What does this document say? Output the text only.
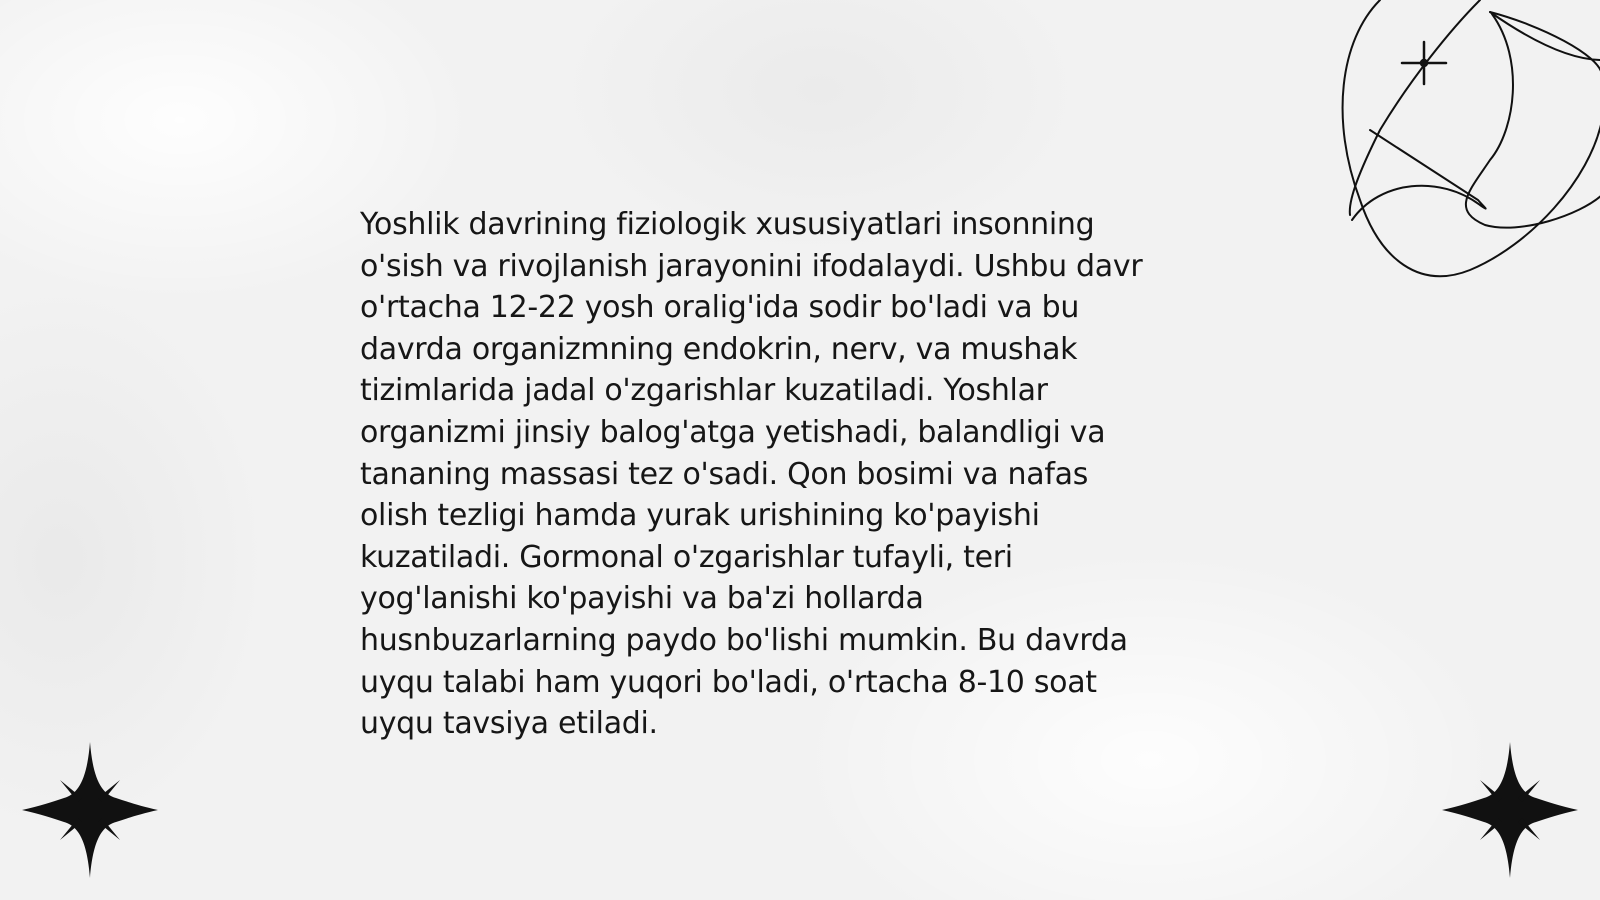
Yoshlik davrining fiziologik xususiyatlari insonning
o'sish va rivojlanish jarayonini ifodalaydi. Ushbu davr
o'rtacha 12-22 yosh oralig'ida sodir bo'ladi va bu
davrda organizmning endokrin, nerv, va mushak
tizimlarida jadal o'zgarishlar kuzatiladi. Yoshlar
organizmi jinsiy balog'atga yetishadi, balandligi va
tananing massasi tez o'sadi. Qon bosimi va nafas
olish tezligi hamda yurak urishining ko'payishi
kuzatiladi. Gormonal o'zgarishlar tufayli, teri
yog'lanishi ko'payishi va ba'zi hollarda
husnbuzarlarning paydo bo'lishi mumkin. Bu davrda
uyqu talabi ham yuqori bo'ladi, o'rtacha 8-10 soat
uyqu tavsiya etiladi.
